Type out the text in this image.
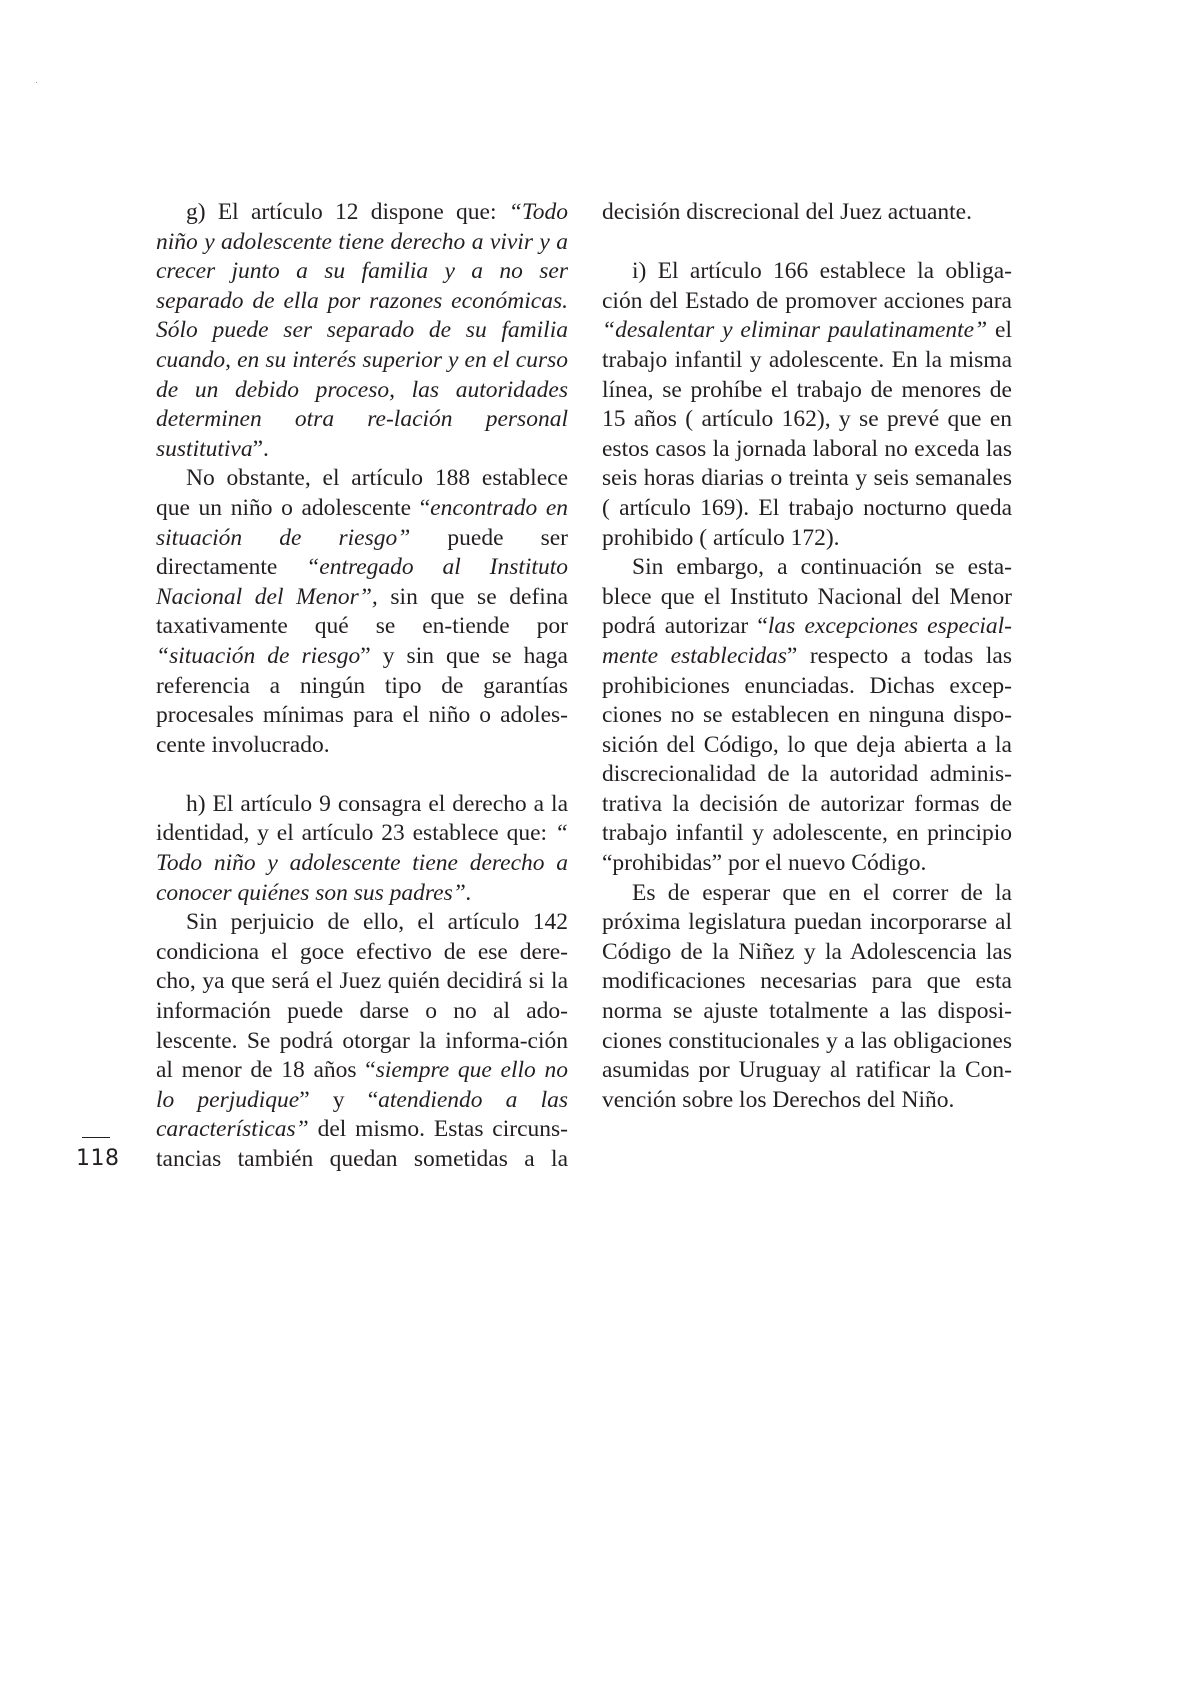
g) El artículo 12 dispone que: “Todo niño y adolescente tiene derecho a vivir y a crecer junto a su familia y a no ser separado de ella por razones económicas. Sólo puede ser separado de su familia cuando, en su interés superior y en el curso de un debido proceso, las autoridades determinen otra re-lación personal sustitutiva”.

No obstante, el artículo 188 establece que un niño o adolescente “encontrado en situación de riesgo” puede ser directamente “entregado al Instituto Nacional del Menor”, sin que se defina taxativamente qué se en-tiende por “situación de riesgo” y sin que se haga referencia a ningún tipo de garantías procesales mínimas para el niño o adoles-cente involucrado.

h) El artículo 9 consagra el derecho a la identidad, y el artículo 23 establece que: “ Todo niño y adolescente tiene derecho a conocer quiénes son sus padres”.

Sin perjuicio de ello, el artículo 142 condiciona el goce efectivo de ese dere-cho, ya que será el Juez quién decidirá si la información puede darse o no al ado-lescente. Se podrá otorgar la informa-ción al menor de 18 años “siempre que ello no lo perjudique” y “atendiendo a las características” del mismo. Estas circuns-tancias también quedan sometidas a la

decisión discrecional del Juez actuante.

i) El artículo 166 establece la obliga-ción del Estado de promover acciones para “desalentar y eliminar paulatinamente” el trabajo infantil y adolescente. En la misma línea, se prohíbe el trabajo de menores de 15 años ( artículo 162), y se prevé que en estos casos la jornada laboral no exceda las seis horas diarias o treinta y seis semanales ( artículo 169). El trabajo nocturno queda prohibido ( artículo 172).

Sin embargo, a continuación se esta-blece que el Instituto Nacional del Menor podrá autorizar “las excepciones especial-mente establecidas” respecto a todas las prohibiciones enunciadas. Dichas excep-ciones no se establecen en ninguna dispo-sición del Código, lo que deja abierta a la discrecionalidad de la autoridad adminis-trativa la decisión de autorizar formas de trabajo infantil y adolescente, en principio “prohibidas” por el nuevo Código.

Es de esperar que en el correr de la próxima legislatura puedan incorporarse al Código de la Niñez y la Adolescencia las modificaciones necesarias para que esta norma se ajuste totalmente a las disposi-ciones constitucionales y a las obligaciones asumidas por Uruguay al ratificar la Con-vención sobre los Derechos del Niño.

118
